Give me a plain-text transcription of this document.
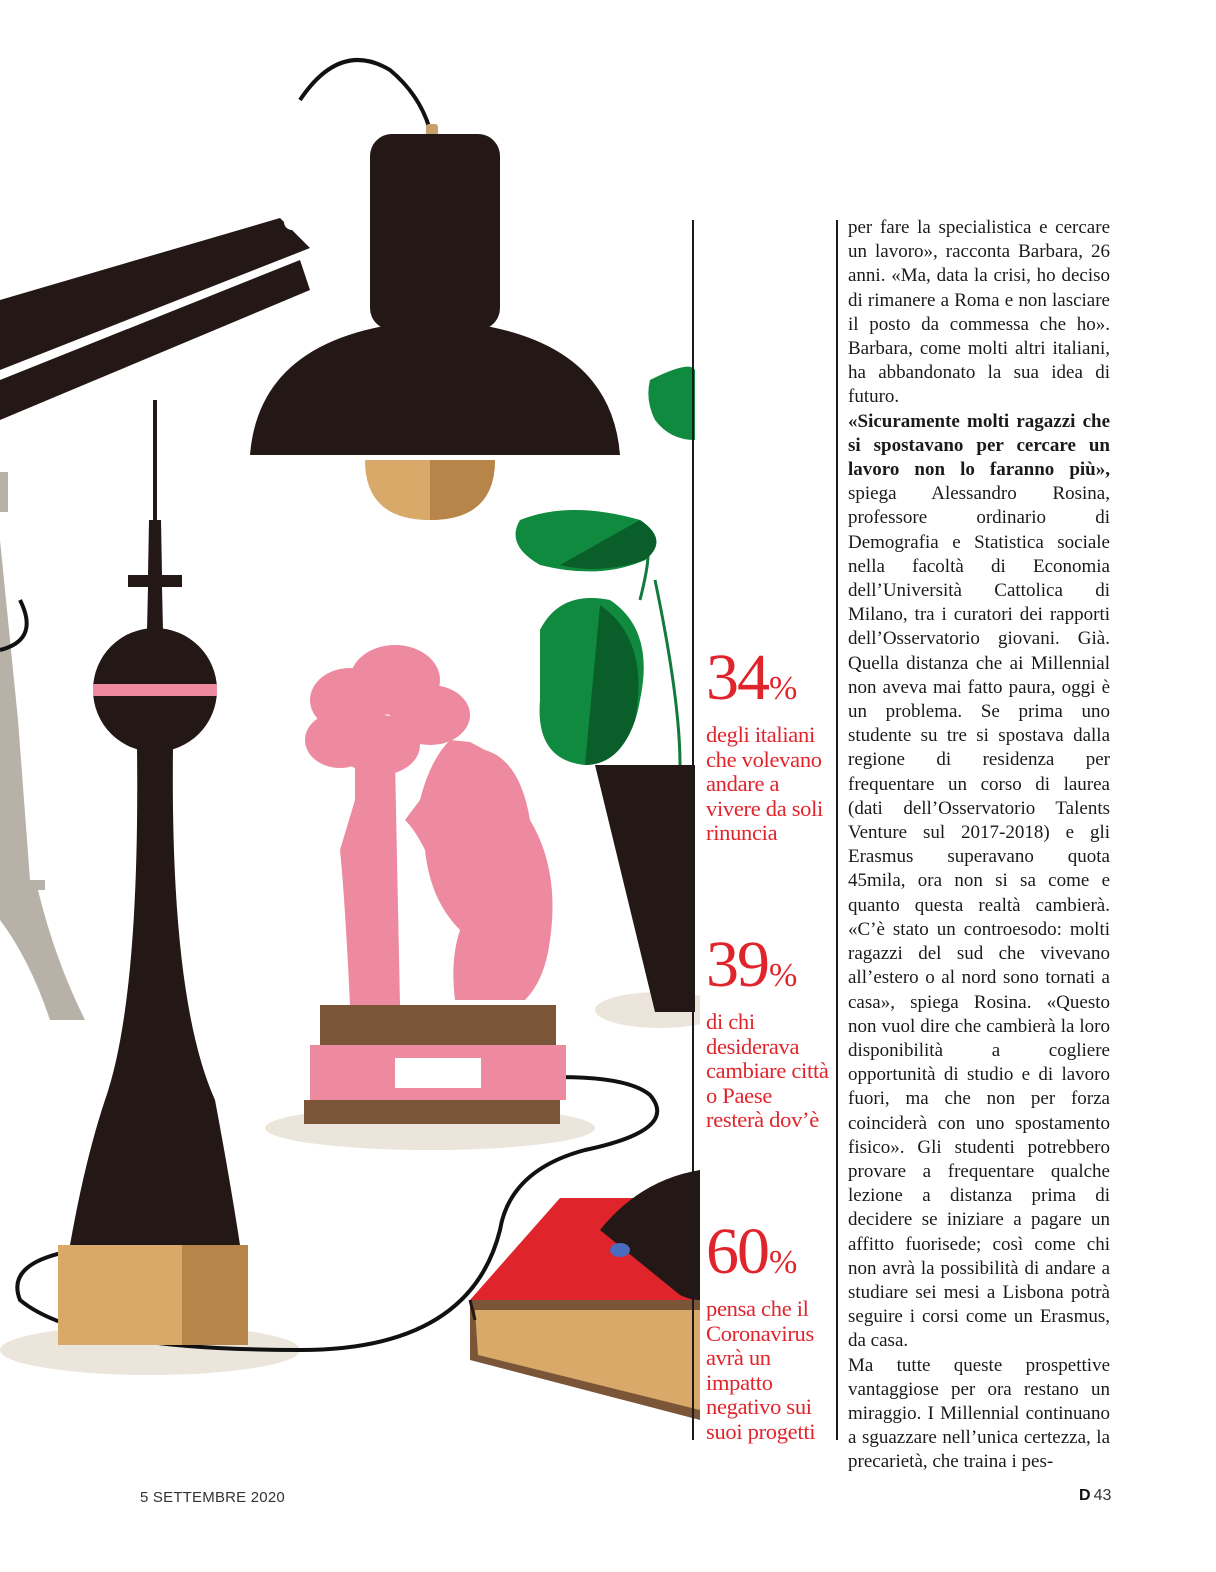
34%
degli italiani che volevano andare a vivere da soli rinuncia
39%
di chi desiderava cambiare città o Paese resterà dov’è
60%
pensa che il Coronavirus avrà un impatto negativo sui suoi progetti

per fare la specialistica e cercare un lavoro», racconta Barbara, 26 anni. «Ma, data la crisi, ho deciso di rimanere a Roma e non lasciare il posto da commessa che ho». Barbara, come molti altri italiani, ha abbandonato la sua idea di futuro.

«Sicuramente molti ragazzi che si spostavano per cercare un lavoro non lo faranno più», spiega Alessandro Rosina, professore ordinario di Demografia e Statistica sociale nella facoltà di Economia dell’Università Cattolica di Milano, tra i curatori dei rapporti dell’Osservatorio giovani. Già. Quella distanza che ai Millennial non aveva mai fatto paura, oggi è un problema. Se prima uno studente su tre si spostava dalla regione di residenza per frequentare un corso di laurea (dati dell’Osservatorio Talents Venture sul 2017-2018) e gli Erasmus superavano quota 45mila, ora non si sa come e quanto questa realtà cambierà. «C’è stato un controesodo: molti ragazzi del sud che vivevano all’estero o al nord sono tornati a casa», spiega Rosina. «Questo non vuol dire che cambierà la loro disponibilità a cogliere opportunità di studio e di lavoro fuori, ma che non per forza coinciderà con uno spostamento fisico». Gli studenti potrebbero provare a frequentare qualche lezione a distanza prima di decidere se iniziare a pagare un affitto fuorisede; così come chi non avrà la possibilità di andare a studiare sei mesi a Lisbona potrà seguire i corsi come un Erasmus, da casa.

Ma tutte queste prospettive vantaggiose per ora restano un miraggio. I Millennial continuano a sguazzare nell’unica certezza, la precarietà, che traina i pes-

5 SETTEMBRE 2020	D 43
